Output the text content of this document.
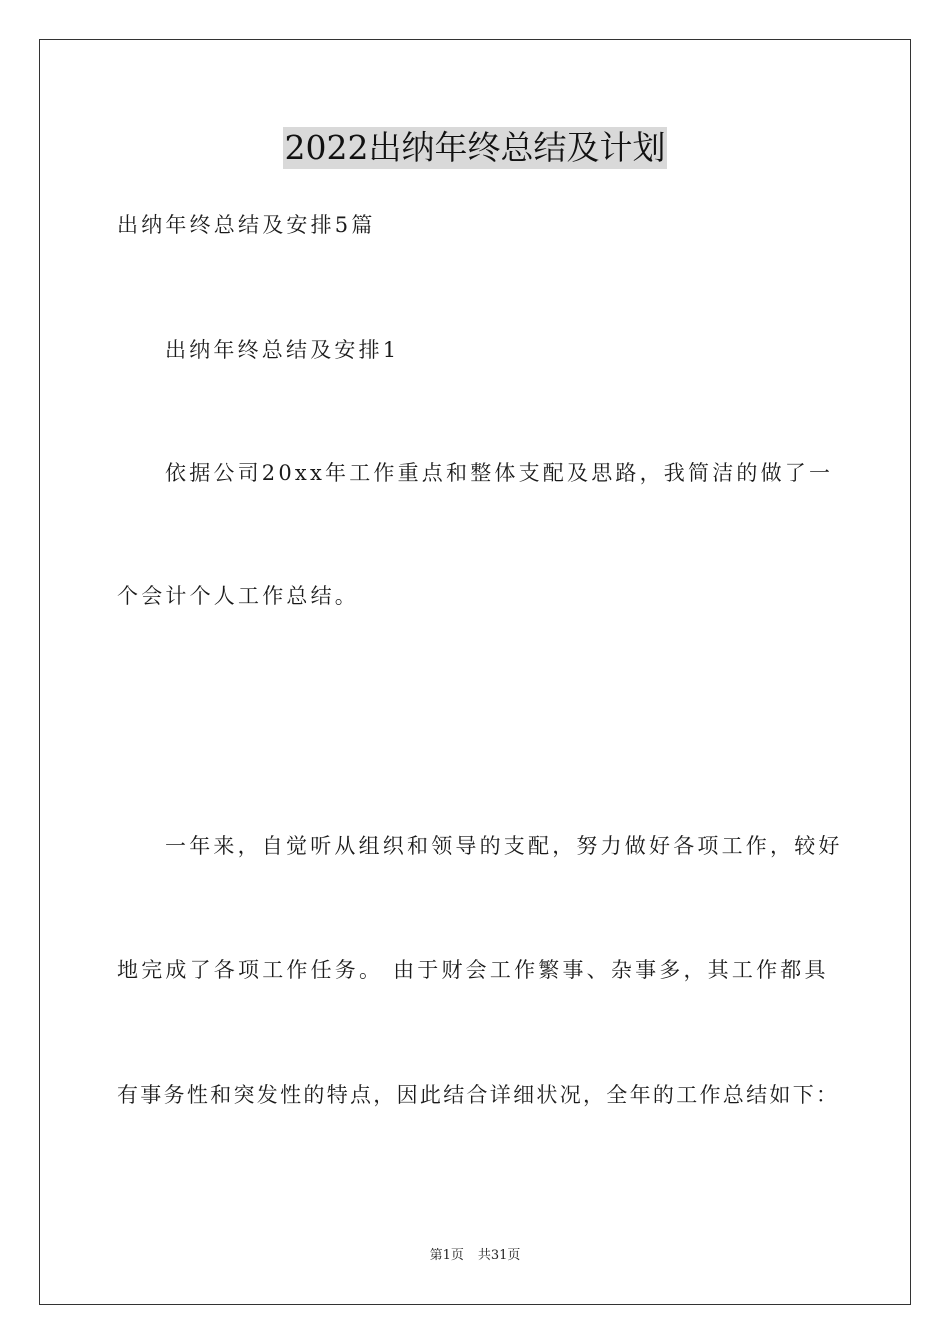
2022出纳年终总结及计划
出纳年终总结及安排5篇
出纳年终总结及安排1
依据公司20xx年工作重点和整体支配及思路，我简洁的做了一
个会计个人工作总结。
一年来，自觉听从组织和领导的支配，努力做好各项工作，较好
地完成了各项工作任务。 由于财会工作繁事、杂事多，其工作都具
有事务性和突发性的特点，因此结合详细状况，全年的工作总结如下：
第1页 共31页
